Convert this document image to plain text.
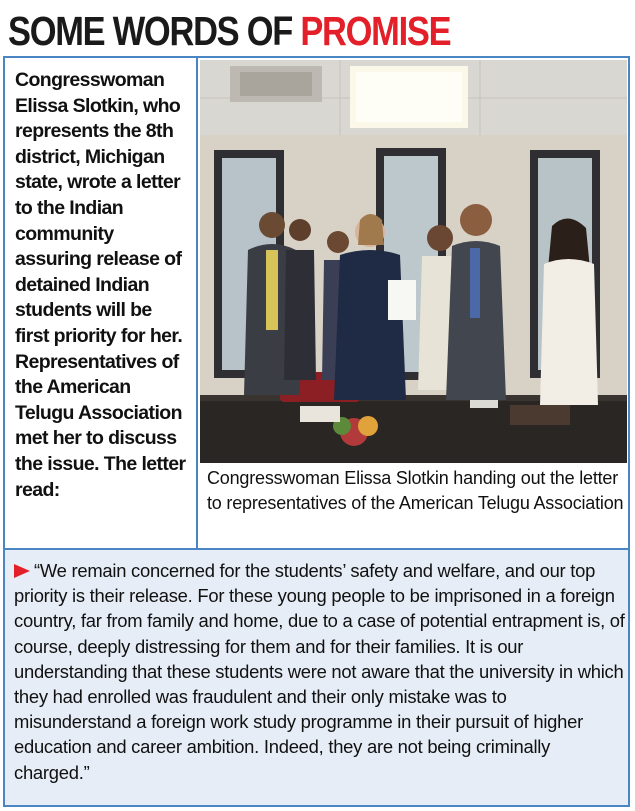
SOME WORDS OF PROMISE
Congresswoman Elissa Slotkin, who represents the 8th district, Michigan state, wrote a letter to the Indian community assuring release of detained Indian students will be first priority for her. Representatives of the American Telugu Association met her to discuss the issue. The letter read:
Congresswoman Elissa Slotkin handing out the letter to representatives of the American Telugu Association
“We remain concerned for the students’ safety and welfare, and our top priority is their release. For these young people to be imprisoned in a foreign country, far from family and home, due to a case of potential entrapment is, of course, deeply distressing for them and for their families. It is our understanding that these students were not aware that the university in which they had enrolled was fraudulent and their only mistake was to misunderstand a foreign work study programme in their pursuit of higher education and career ambition. Indeed, they are not being criminally charged.”
